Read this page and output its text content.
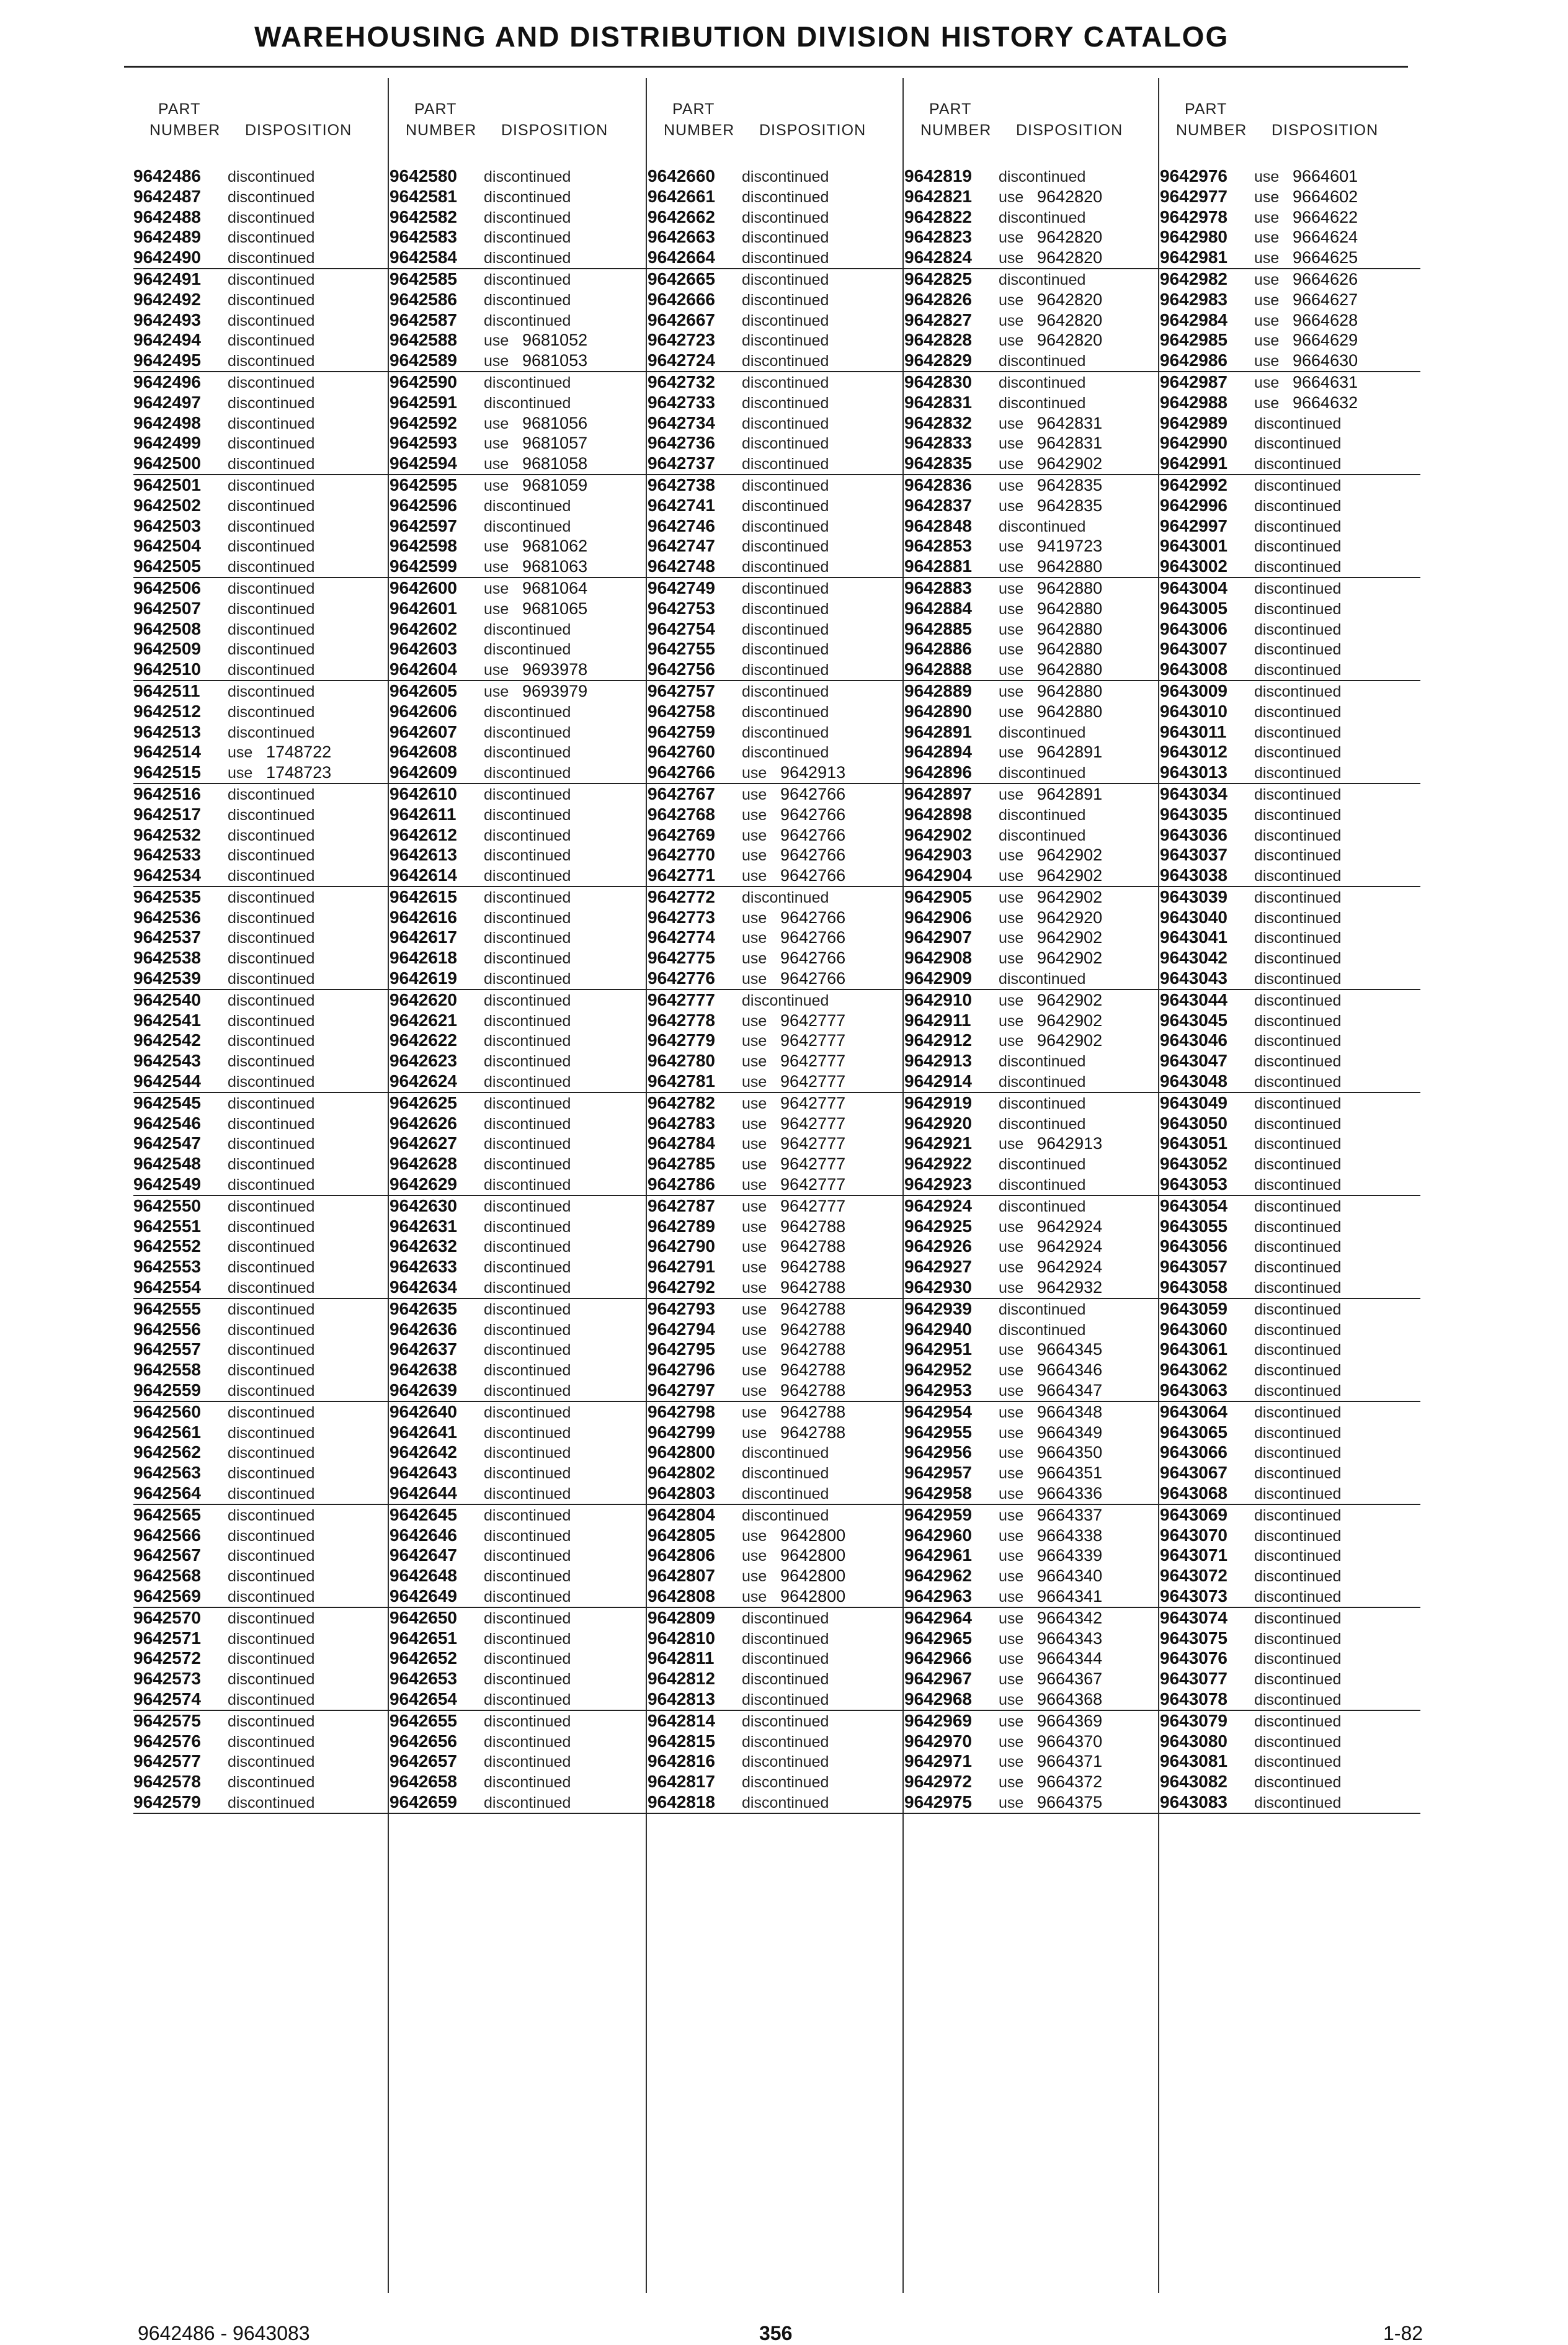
WAREHOUSING AND DISTRIBUTION DIVISION HISTORY CATALOG
PART
NUMBER DISPOSITION
9642486 discontinued
9642487 discontinued
9642488 discontinued
9642489 discontinued
9642490 discontinued
9642491 discontinued
9642492 discontinued
9642493 discontinued
9642494 discontinued
9642495 discontinued
9642496 discontinued
9642497 discontinued
9642498 discontinued
9642499 discontinued
9642500 discontinued
9642501 discontinued
9642502 discontinued
9642503 discontinued
9642504 discontinued
9642505 discontinued
9642506 discontinued
9642507 discontinued
9642508 discontinued
9642509 discontinued
9642510 discontinued
9642511 discontinued
9642512 discontinued
9642513 discontinued
9642514 use 1748722
9642515 use 1748723
9642516 discontinued
9642517 discontinued
9642532 discontinued
9642533 discontinued
9642534 discontinued
9642535 discontinued
9642536 discontinued
9642537 discontinued
9642538 discontinued
9642539 discontinued
9642540 discontinued
9642541 discontinued
9642542 discontinued
9642543 discontinued
9642544 discontinued
9642545 discontinued
9642546 discontinued
9642547 discontinued
9642548 discontinued
9642549 discontinued
9642550 discontinued
9642551 discontinued
9642552 discontinued
9642553 discontinued
9642554 discontinued
9642555 discontinued
9642556 discontinued
9642557 discontinued
9642558 discontinued
9642559 discontinued
9642560 discontinued
9642561 discontinued
9642562 discontinued
9642563 discontinued
9642564 discontinued
9642565 discontinued
9642566 discontinued
9642567 discontinued
9642568 discontinued
9642569 discontinued
9642570 discontinued
9642571 discontinued
9642572 discontinued
9642573 discontinued
9642574 discontinued
9642575 discontinued
9642576 discontinued
9642577 discontinued
9642578 discontinued
9642579 discontinued
PART
NUMBER DISPOSITION
9642580 discontinued
9642581 discontinued
9642582 discontinued
9642583 discontinued
9642584 discontinued
9642585 discontinued
9642586 discontinued
9642587 discontinued
9642588 use 9681052
9642589 use 9681053
9642590 discontinued
9642591 discontinued
9642592 use 9681056
9642593 use 9681057
9642594 use 9681058
9642595 use 9681059
9642596 discontinued
9642597 discontinued
9642598 use 9681062
9642599 use 9681063
9642600 use 9681064
9642601 use 9681065
9642602 discontinued
9642603 discontinued
9642604 use 9693978
9642605 use 9693979
9642606 discontinued
9642607 discontinued
9642608 discontinued
9642609 discontinued
9642610 discontinued
9642611 discontinued
9642612 discontinued
9642613 discontinued
9642614 discontinued
9642615 discontinued
9642616 discontinued
9642617 discontinued
9642618 discontinued
9642619 discontinued
9642620 discontinued
9642621 discontinued
9642622 discontinued
9642623 discontinued
9642624 discontinued
9642625 discontinued
9642626 discontinued
9642627 discontinued
9642628 discontinued
9642629 discontinued
9642630 discontinued
9642631 discontinued
9642632 discontinued
9642633 discontinued
9642634 discontinued
9642635 discontinued
9642636 discontinued
9642637 discontinued
9642638 discontinued
9642639 discontinued
9642640 discontinued
9642641 discontinued
9642642 discontinued
9642643 discontinued
9642644 discontinued
9642645 discontinued
9642646 discontinued
9642647 discontinued
9642648 discontinued
9642649 discontinued
9642650 discontinued
9642651 discontinued
9642652 discontinued
9642653 discontinued
9642654 discontinued
9642655 discontinued
9642656 discontinued
9642657 discontinued
9642658 discontinued
9642659 discontinued
PART
NUMBER DISPOSITION
9642660 discontinued
9642661 discontinued
9642662 discontinued
9642663 discontinued
9642664 discontinued
9642665 discontinued
9642666 discontinued
9642667 discontinued
9642723 discontinued
9642724 discontinued
9642732 discontinued
9642733 discontinued
9642734 discontinued
9642736 discontinued
9642737 discontinued
9642738 discontinued
9642741 discontinued
9642746 discontinued
9642747 discontinued
9642748 discontinued
9642749 discontinued
9642753 discontinued
9642754 discontinued
9642755 discontinued
9642756 discontinued
9642757 discontinued
9642758 discontinued
9642759 discontinued
9642760 discontinued
9642766 use 9642913
9642767 use 9642766
9642768 use 9642766
9642769 use 9642766
9642770 use 9642766
9642771 use 9642766
9642772 discontinued
9642773 use 9642766
9642774 use 9642766
9642775 use 9642766
9642776 use 9642766
9642777 discontinued
9642778 use 9642777
9642779 use 9642777
9642780 use 9642777
9642781 use 9642777
9642782 use 9642777
9642783 use 9642777
9642784 use 9642777
9642785 use 9642777
9642786 use 9642777
9642787 use 9642777
9642789 use 9642788
9642790 use 9642788
9642791 use 9642788
9642792 use 9642788
9642793 use 9642788
9642794 use 9642788
9642795 use 9642788
9642796 use 9642788
9642797 use 9642788
9642798 use 9642788
9642799 use 9642788
9642800 discontinued
9642802 discontinued
9642803 discontinued
9642804 discontinued
9642805 use 9642800
9642806 use 9642800
9642807 use 9642800
9642808 use 9642800
9642809 discontinued
9642810 discontinued
9642811 discontinued
9642812 discontinued
9642813 discontinued
9642814 discontinued
9642815 discontinued
9642816 discontinued
9642817 discontinued
9642818 discontinued
PART
NUMBER DISPOSITION
9642819 discontinued
9642821 use 9642820
9642822 discontinued
9642823 use 9642820
9642824 use 9642820
9642825 discontinued
9642826 use 9642820
9642827 use 9642820
9642828 use 9642820
9642829 discontinued
9642830 discontinued
9642831 discontinued
9642832 use 9642831
9642833 use 9642831
9642835 use 9642902
9642836 use 9642835
9642837 use 9642835
9642848 discontinued
9642853 use 9419723
9642881 use 9642880
9642883 use 9642880
9642884 use 9642880
9642885 use 9642880
9642886 use 9642880
9642888 use 9642880
9642889 use 9642880
9642890 use 9642880
9642891 discontinued
9642894 use 9642891
9642896 discontinued
9642897 use 9642891
9642898 discontinued
9642902 discontinued
9642903 use 9642902
9642904 use 9642902
9642905 use 9642902
9642906 use 9642920
9642907 use 9642902
9642908 use 9642902
9642909 discontinued
9642910 use 9642902
9642911 use 9642902
9642912 use 9642902
9642913 discontinued
9642914 discontinued
9642919 discontinued
9642920 discontinued
9642921 use 9642913
9642922 discontinued
9642923 discontinued
9642924 discontinued
9642925 use 9642924
9642926 use 9642924
9642927 use 9642924
9642930 use 9642932
9642939 discontinued
9642940 discontinued
9642951 use 9664345
9642952 use 9664346
9642953 use 9664347
9642954 use 9664348
9642955 use 9664349
9642956 use 9664350
9642957 use 9664351
9642958 use 9664336
9642959 use 9664337
9642960 use 9664338
9642961 use 9664339
9642962 use 9664340
9642963 use 9664341
9642964 use 9664342
9642965 use 9664343
9642966 use 9664344
9642967 use 9664367
9642968 use 9664368
9642969 use 9664369
9642970 use 9664370
9642971 use 9664371
9642972 use 9664372
9642975 use 9664375
PART
NUMBER DISPOSITION
9642976 use 9664601
9642977 use 9664602
9642978 use 9664622
9642980 use 9664624
9642981 use 9664625
9642982 use 9664626
9642983 use 9664627
9642984 use 9664628
9642985 use 9664629
9642986 use 9664630
9642987 use 9664631
9642988 use 9664632
9642989 discontinued
9642990 discontinued
9642991 discontinued
9642992 discontinued
9642996 discontinued
9642997 discontinued
9643001 discontinued
9643002 discontinued
9643004 discontinued
9643005 discontinued
9643006 discontinued
9643007 discontinued
9643008 discontinued
9643009 discontinued
9643010 discontinued
9643011 discontinued
9643012 discontinued
9643013 discontinued
9643034 discontinued
9643035 discontinued
9643036 discontinued
9643037 discontinued
9643038 discontinued
9643039 discontinued
9643040 discontinued
9643041 discontinued
9643042 discontinued
9643043 discontinued
9643044 discontinued
9643045 discontinued
9643046 discontinued
9643047 discontinued
9643048 discontinued
9643049 discontinued
9643050 discontinued
9643051 discontinued
9643052 discontinued
9643053 discontinued
9643054 discontinued
9643055 discontinued
9643056 discontinued
9643057 discontinued
9643058 discontinued
9643059 discontinued
9643060 discontinued
9643061 discontinued
9643062 discontinued
9643063 discontinued
9643064 discontinued
9643065 discontinued
9643066 discontinued
9643067 discontinued
9643068 discontinued
9643069 discontinued
9643070 discontinued
9643071 discontinued
9643072 discontinued
9643073 discontinued
9643074 discontinued
9643075 discontinued
9643076 discontinued
9643077 discontinued
9643078 discontinued
9643079 discontinued
9643080 discontinued
9643081 discontinued
9643082 discontinued
9643083 discontinued
9642486 - 9643083	356	1-82
